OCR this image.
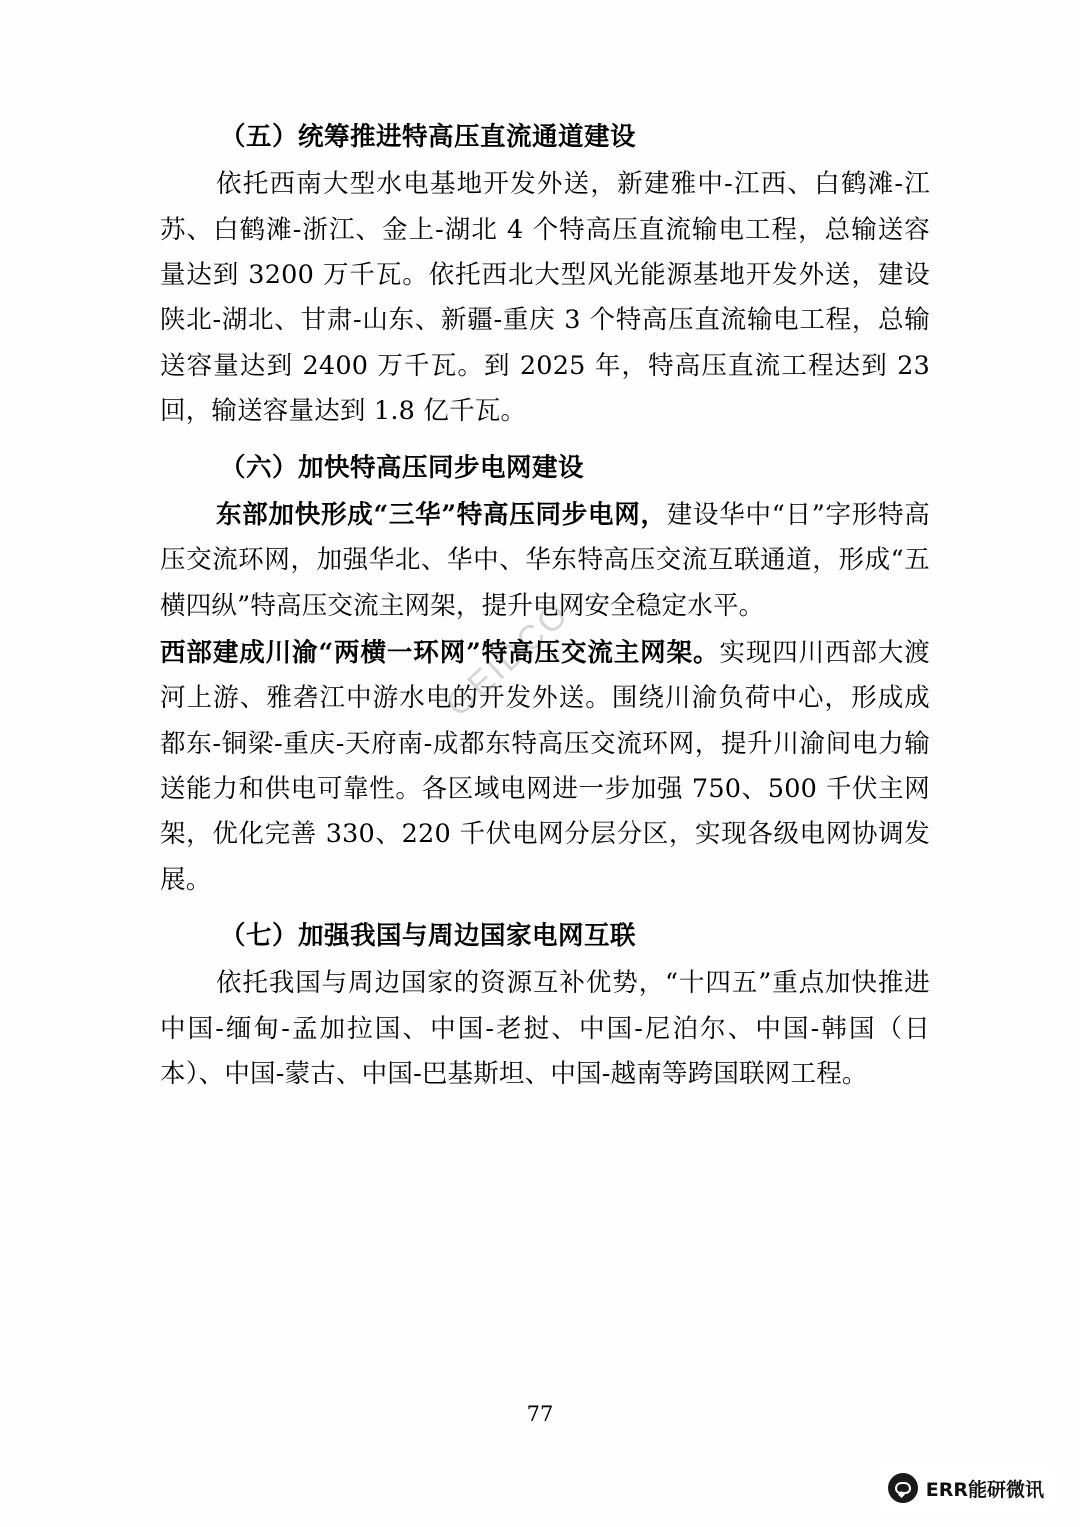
GEIDCO
（五）统筹推进特高压直流通道建设

依托西南大型水电基地开发外送，新建雅中-江西、白鹤滩-江苏、白鹤滩-浙江、金上-湖北 4 个特高压直流输电工程，总输送容量达到 3200 万千瓦。依托西北大型风光能源基地开发外送，建设陕北-湖北、甘肃-山东、新疆-重庆 3 个特高压直流输电工程，总输送容量达到 2400 万千瓦。到 2025 年，特高压直流工程达到 23 回，输送容量达到 1.8 亿千瓦。

（六）加快特高压同步电网建设

东部加快形成“三华”特高压同步电网，建设华中“日”字形特高压交流环网，加强华北、华中、华东特高压交流互联通道，形成“五横四纵”特高压交流主网架，提升电网安全稳定水平。

西部建成川渝“两横一环网”特高压交流主网架。实现四川西部大渡河上游、雅砻江中游水电的开发外送。围绕川渝负荷中心，形成成都东-铜梁-重庆-天府南-成都东特高压交流环网，提升川渝间电力输送能力和供电可靠性。各区域电网进一步加强 750、500 千伏主网架，优化完善 330、220 千伏电网分层分区，实现各级电网协调发展。

（七）加强我国与周边国家电网互联

依托我国与周边国家的资源互补优势，“十四五”重点加快推进中国-缅甸-孟加拉国、中国-老挝、中国-尼泊尔、中国-韩国（日本）、中国-蒙古、中国-巴基斯坦、中国-越南等跨国联网工程。

77
ERR能研微讯
